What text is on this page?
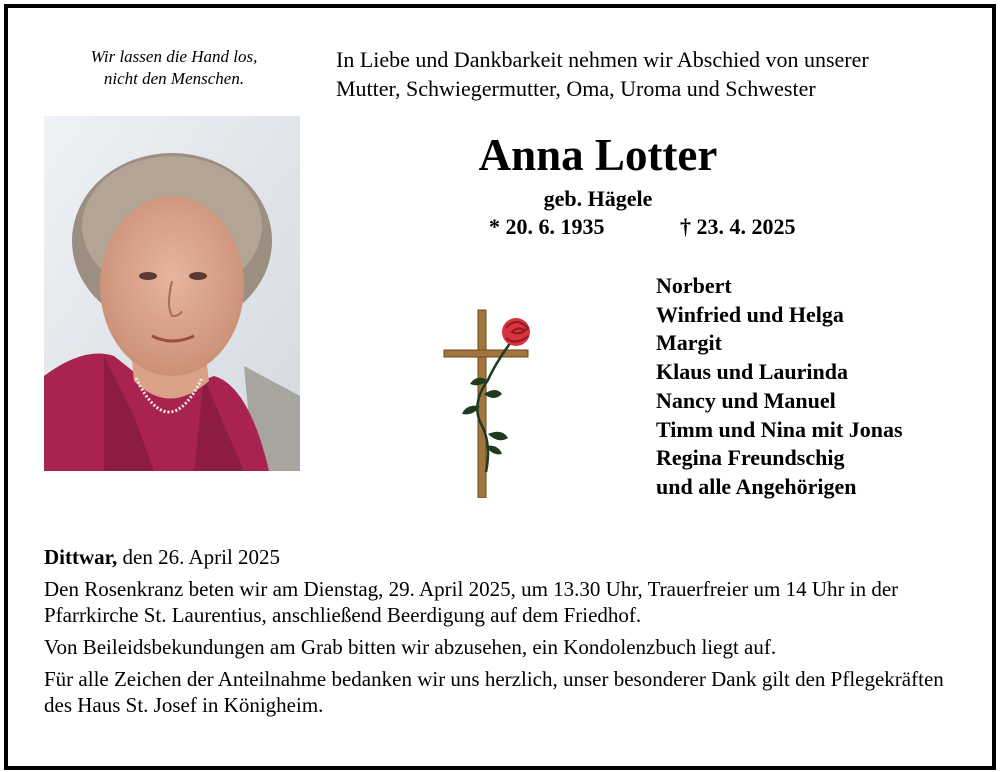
Wir lassen die Hand los,
nicht den Menschen.
In Liebe und Dankbarkeit nehmen wir Abschied von unserer
Mutter, Schwiegermutter, Oma, Uroma und Schwester
Anna Lotter
geb. Hägele
* 20. 6. 1935	† 23. 4. 2025
Norbert
Winfried und Helga
Margit
Klaus und Laurinda
Nancy und Manuel
Timm und Nina mit Jonas
Regina Freundschig
und alle Angehörigen

Dittwar, den 26. April 2025

Den Rosenkranz beten wir am Dienstag, 29. April 2025, um 13.30 Uhr, Trauerfreier um 14 Uhr in der Pfarrkirche St. Laurentius, anschließend Beerdigung auf dem Friedhof.

Von Beileidsbekundungen am Grab bitten wir abzusehen, ein Kondolenzbuch liegt auf.

Für alle Zeichen der Anteilnahme bedanken wir uns herzlich, unser besonderer Dank gilt den Pflegekräften des Haus St. Josef in Königheim.
